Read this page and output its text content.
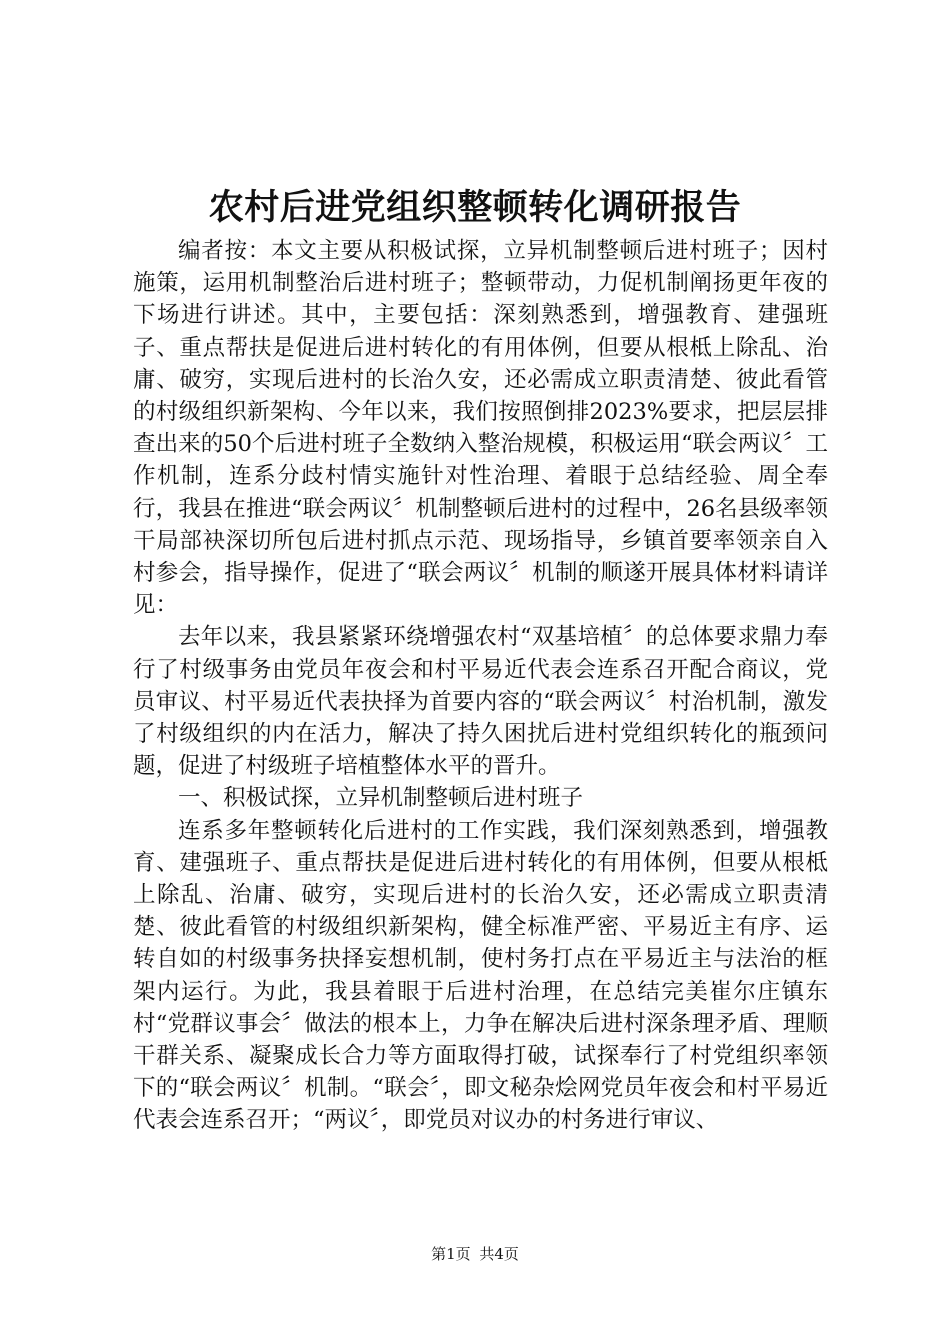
农村后进党组织整顿转化调研报告

编者按：本文主要从积极试探，立异机制整顿后进村班子；因村施策，运用机制整治后进村班子；整顿带动，力促机制阐扬更年夜的下场进行讲述。其中，主要包括：深刻熟悉到，增强教育、建强班子、重点帮扶是促进后进村转化的有用体例，但要从根柢上除乱、治庸、破穷，实现后进村的长治久安，还必需成立职责清楚、彼此看管的村级组织新架构、今年以来，我们按照倒排2023%要求，把层层排查出来的50个后进村班子全数纳入整治规模，积极运用“联会两议〞工作机制，连系分歧村情实施针对性治理、着眼于总结经验、周全奉行，我县在推进“联会两议〞机制整顿后进村的过程中，26名县级率领干局部袂深切所包后进村抓点示范、现场指导，乡镇首要率领亲自入村参会，指导操作，促进了“联会两议〞机制的顺遂开展具体材料请详见：

去年以来，我县紧紧环绕增强农村“双基培植〞的总体要求鼎力奉行了村级事务由党员年夜会和村平易近代表会连系召开配合商议，党员审议、村平易近代表抉择为首要内容的“联会两议〞村治机制，激发了村级组织的内在活力，解决了持久困扰后进村党组织转化的瓶颈问题，促进了村级班子培植整体水平的晋升。

一、积极试探，立异机制整顿后进村班子

连系多年整顿转化后进村的工作实践，我们深刻熟悉到，增强教育、建强班子、重点帮扶是促进后进村转化的有用体例，但要从根柢上除乱、治庸、破穷，实现后进村的长治久安，还必需成立职责清楚、彼此看管的村级组织新架构，健全标准严密、平易近主有序、运转自如的村级事务抉择妄想机制，使村务打点在平易近主与法治的框架内运行。为此，我县着眼于后进村治理，在总结完美崔尔庄镇东村“党群议事会〞做法的根本上，力争在解决后进村深条理矛盾、理顺干群关系、凝聚成长合力等方面取得打破，试探奉行了村党组织率领下的“联会两议〞机制。“联会〞，即文秘杂烩网党员年夜会和村平易近代表会连系召开；“两议〞，即党员对议办的村务进行审议、

第1页 共4页
